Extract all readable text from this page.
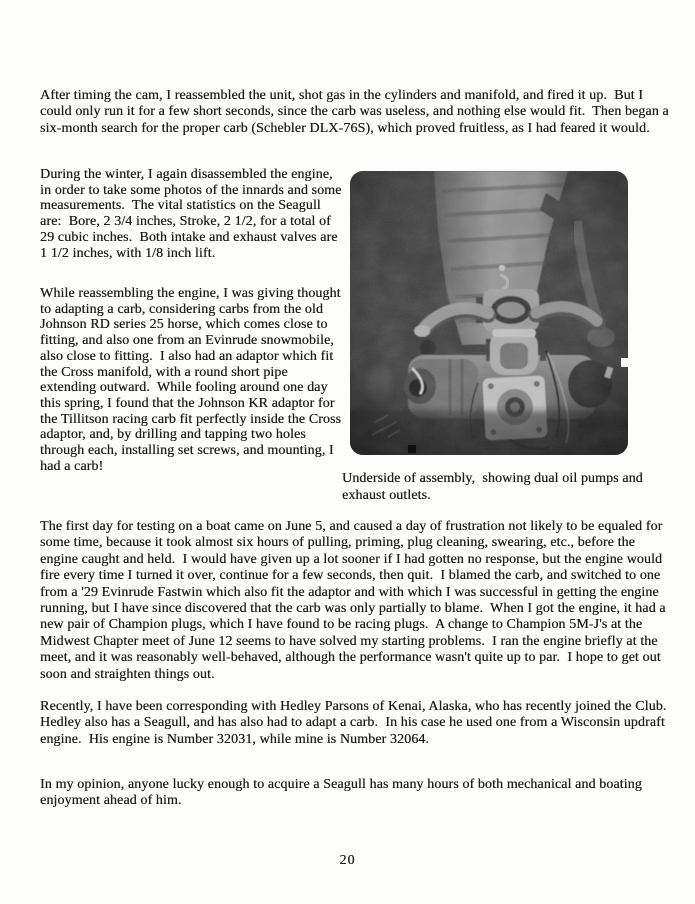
After timing the cam, I reassembled the unit, shot gas in the cylinders and manifold, and fired it up.  But I could only run it for a few short seconds, since the carb was useless, and nothing else would fit.  Then began a six-month search for the proper carb (Schebler DLX-76S), which proved fruitless, as I had feared it would.

During the winter, I again disassembled the engine, in order to take some photos of the innards and some measurements.  The vital statistics on the Seagull are:  Bore, 2 3/4 inches, Stroke, 2 1/2, for a total of 29 cubic inches.  Both intake and exhaust valves are 1 1/2 inches, with 1/8 inch lift.

While reassembling the engine, I was giving thought to adapting a carb, considering carbs from the old Johnson RD series 25 horse, which comes close to fitting, and also one from an Evinrude snowmobile, also close to fitting.  I also had an adaptor which fit the Cross manifold, with a round short pipe extending outward.  While fooling around one day this spring, I found that the Johnson KR adaptor for the Tillitson racing carb fit perfectly inside the Cross adaptor, and, by drilling and tapping two holes through each, installing set screws, and mounting, I had a carb!

Underside of assembly,  showing dual oil pumps and exhaust outlets.

The first day for testing on a boat came on June 5, and caused a day of frustration not likely to be equaled for some time, because it took almost six hours of pulling, priming, plug cleaning, swearing, etc., before the engine caught and held.  I would have given up a lot sooner if I had gotten no response, but the engine would fire every time I turned it over, continue for a few seconds, then quit.  I blamed the carb, and switched to one from a '29 Evinrude Fastwin which also fit the adaptor and with which I was successful in getting the engine running, but I have since discovered that the carb was only partially to blame.  When I got the engine, it had a new pair of Champion plugs, which I have found to be racing plugs.  A change to Champion 5M-J's at the Midwest Chapter meet of June 12 seems to have solved my starting problems.  I ran the engine briefly at the meet, and it was reasonably well-behaved, although the performance wasn't quite up to par.  I hope to get out soon and straighten things out.

Recently, I have been corresponding with Hedley Parsons of Kenai, Alaska, who has recently joined the Club.  Hedley also has a Seagull, and has also had to adapt a carb.  In his case he used one from a Wisconsin updraft engine.  His engine is Number 32031, while mine is Number 32064.

In my opinion, anyone lucky enough to acquire a Seagull has many hours of both mechanical and boating enjoyment ahead of him.

20
